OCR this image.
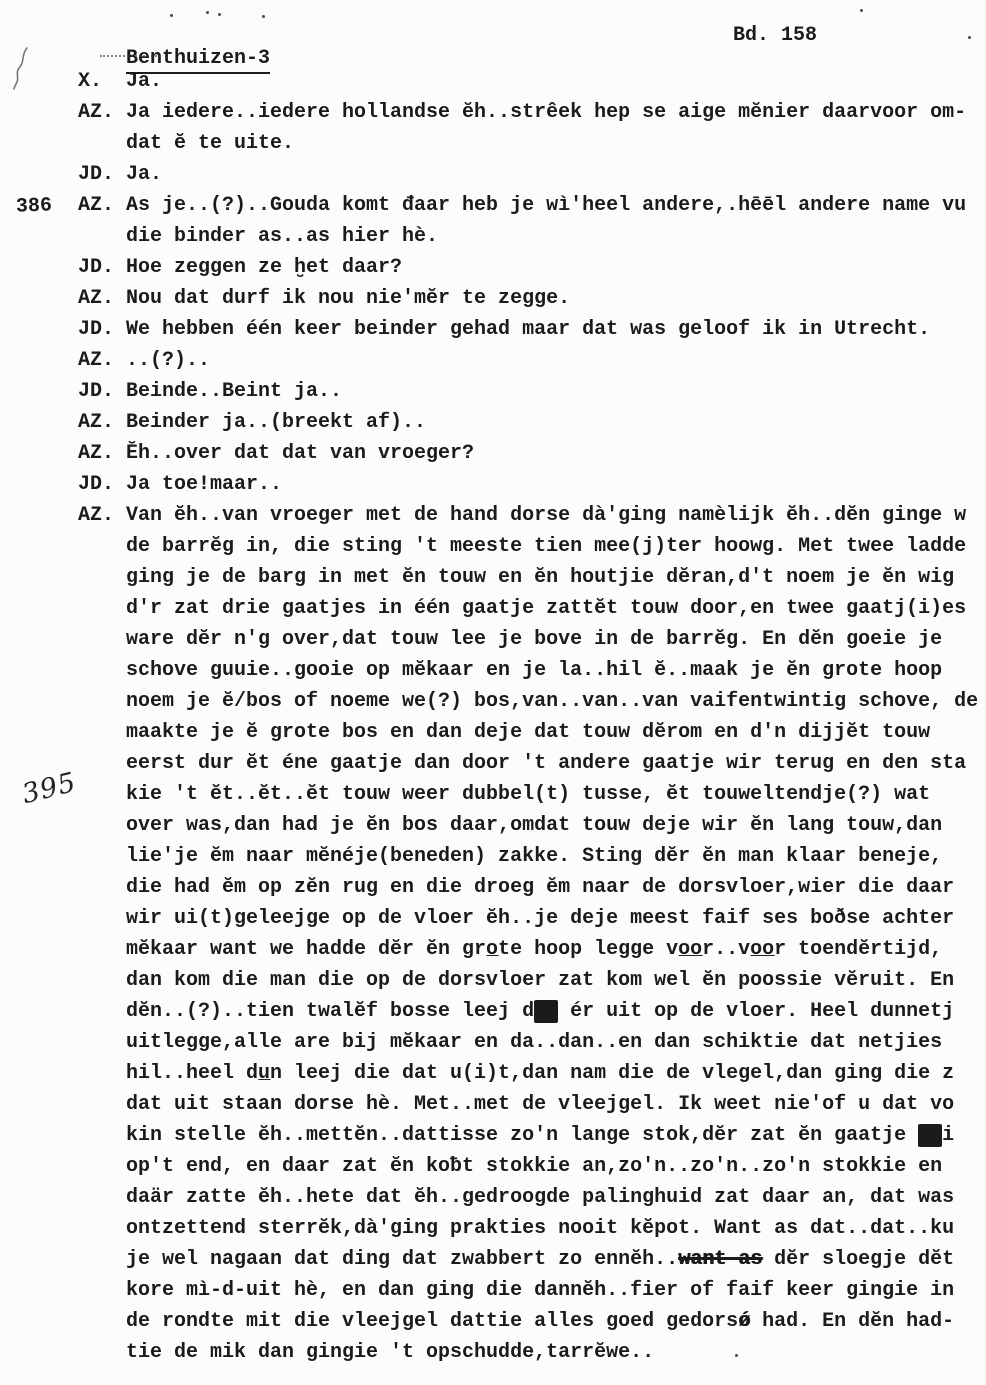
Benthuizen-3

Bd. 158

X. Ja.
AZ. Ja iedere..iedere hollandse ĕh..strêek hep se aige mĕnier daarvoor om-
dat ĕ te uite.
JD. Ja.
386 AZ. As je..(?)..Gouda komt đaar heb je wì'heel andere,.hēēl andere name vu
die binder as..as hier hè.
JD. Hoe zeggen ze ḫet daar?
AZ. Nou dat durf ik nou nie'mĕr te zegge.
JD. We hebben één keer beinder gehad maar dat was geloof ik in Utrecht.
AZ. ..(?)..
JD. Beinde..Beint ja..
AZ. Beinder ja..(breekt af)..
AZ. Ĕh..over dat dat van vroeger?
JD. Ja toe!maar..
AZ. Van ĕh..van vroeger met de hand dorse dà'ging namèlijk ĕh..dĕn ginge w
de barrĕg in, die sting 't meeste tien mee(j)ter hoowg. Met twee ladde
ging je de barg in met ĕn touw en ĕn houtjie dĕran,d't noem je ĕn wig
d'r zat drie gaatjes in één gaatje zattĕt touw door,en twee gaatj(i)es
ware dĕr n'g over,dat touw lee je bove in de barrĕg. En dĕn goeie je
schove guuie..gooie op mĕkaar en je la..hil ĕ..maak je ĕn grote hoop
noem je ĕ/bos of noeme we(?) bos,van..van..van vaifentwintig schove, de
maakte je ĕ grote bos en dan deje dat touw dĕrom en d'n dijjĕt touw
eerst dur ĕt éne gaatje dan door 't andere gaatje wir terug en den sta
395 kie 't ĕt..ĕt..ĕt touw weer dubbel(t) tusse, ĕt touweltendje(?) wat
over was,dan had je ĕn bos daar,omdat touw deje wir ĕn lang touw,dan
lie'je ĕm naar mĕnéje(beneden) zakke. Sting dĕr ĕn man klaar beneje,
die had ĕm op zĕn rug en die droeg ĕm naar de dorsvloer,wier die daar
wir ui(t)geleejge op de vloer ĕh..je deje meest faif ses boðse achter
mĕkaar want we hadde dĕr ĕn gro̲te hoop legge vo̲o̲r..vo̲o̲r toendĕrtijd,
dan kom die man die op de dorsvloer zat kom wel ĕn poossie vĕruit. En
dĕn..(?)..tien twalĕf bosse leej dae ér uit op de vloer. Heel dunnetj
uitlegge,alle are bij mĕkaar en da..dan..en dan schiktie dat netjies
hil..heel du̲n leej die dat u(i)t,dan nam die de vlegel,dan ging die z
dat uit staan dorse hè. Met..met de vleejgel. Ik weet nie'of u dat vo
kin stelle ĕh..mettĕn..dattisse zo'n lange stok,dĕr zat ĕn gaatje mpi
op't end, en daar zat ĕn koƀt stokkie an,zo'n..zo'n..zo'n stokkie en
daär zatte ĕh..hete dat ĕh..gedroogde palinghuid zat daar an, dat was
ontzettend sterrĕk,dà'ging prakties nooit kĕpot. Want as dat..dat..ku
je wel nagaan dat ding dat zwabbert zo ennĕh..want as dĕr sloegje dĕt
kore mì-d-uit hè, en dan ging die dannĕh..fier of faif keer gingie in
de rondte mit die vleejgel dattie alles goed gedorsǿ had. En dĕn had-
tie de mik dan gingie 't opschudde,tarrĕwe..
